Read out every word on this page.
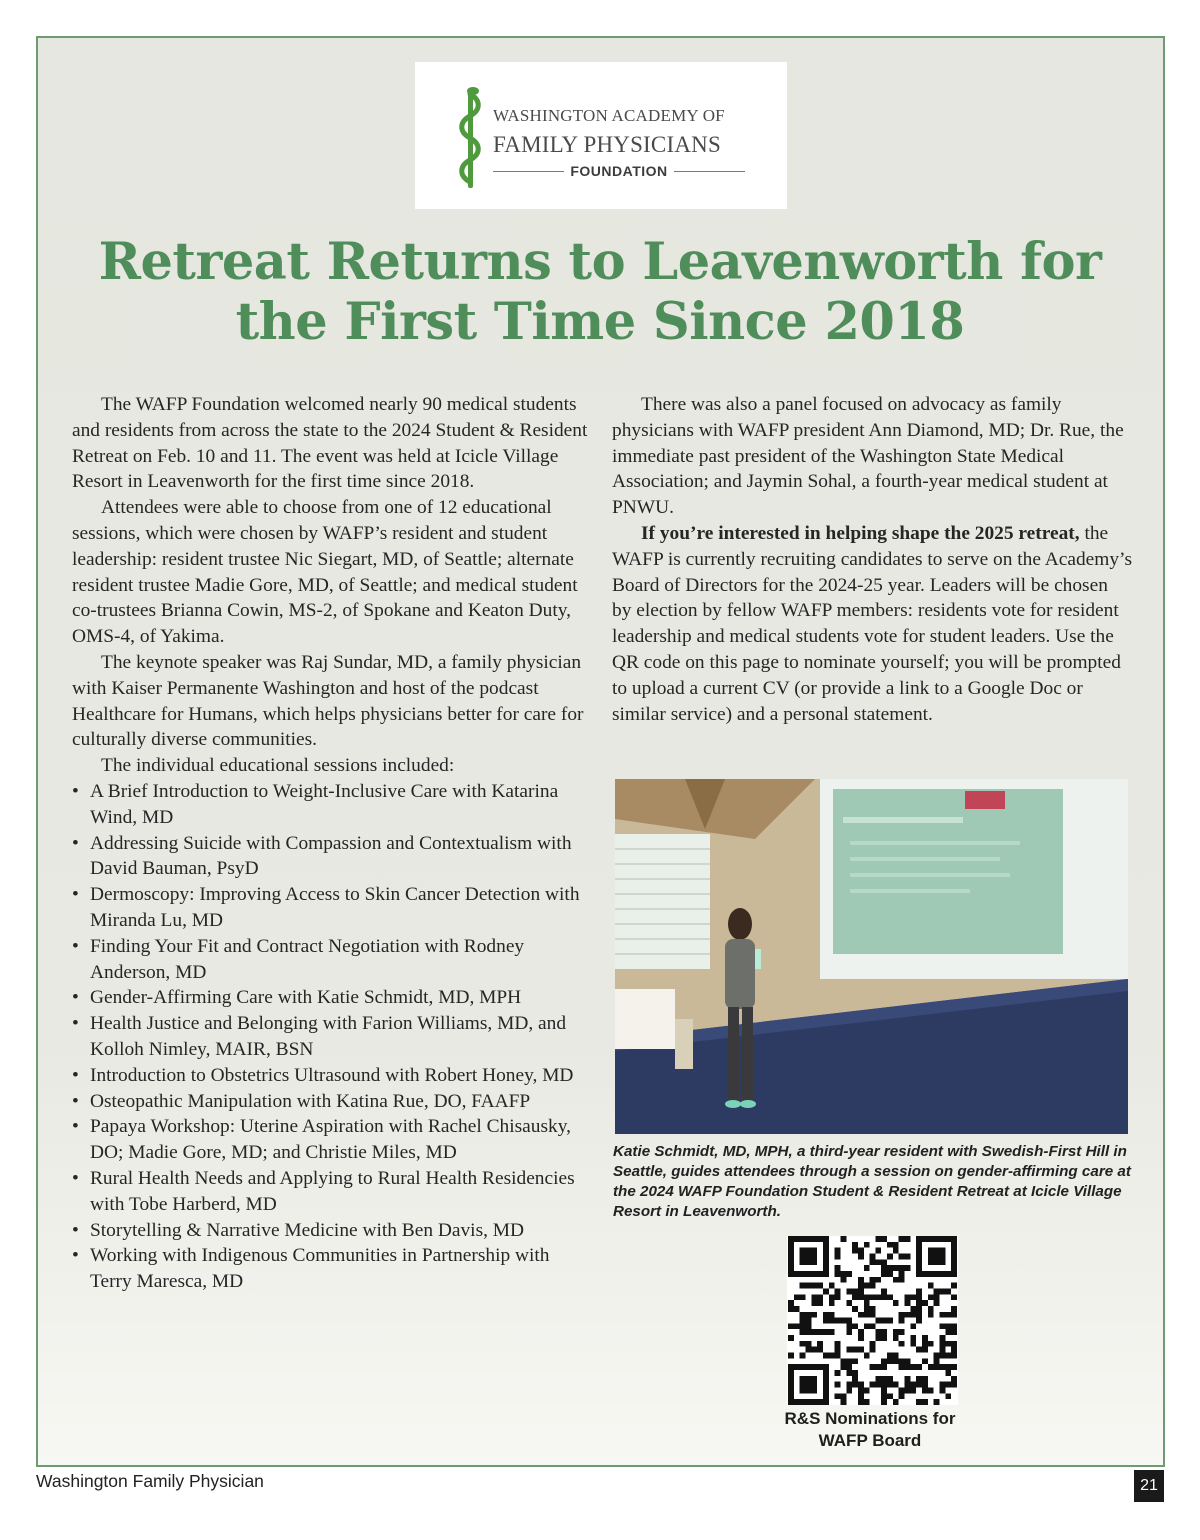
WASHINGTON ACADEMY OF
FAMILY PHYSICIANS
FOUNDATION
Retreat Returns to Leavenworth for
the First Time Since 2018

The WAFP Foundation welcomed nearly 90 medical students and residents from across the state to the 2024 Student & Resident Retreat on Feb. 10 and 11. The event was held at Icicle Village Resort in Leavenworth for the first time since 2018.

Attendees were able to choose from one of 12 educational sessions, which were chosen by WAFP’s resident and student leadership: resident trustee Nic Siegart, MD, of Seattle; alternate resident trustee Madie Gore, MD, of Seattle; and medical student co-trustees Brianna Cowin, MS-2, of Spokane and Keaton Duty, OMS-4, of Yakima.

The keynote speaker was Raj Sundar, MD, a family physician with Kaiser Permanente Washington and host of the podcast Healthcare for Humans, which helps physicians better for care for culturally diverse communities.

The individual educational sessions included:

• A Brief Introduction to Weight-Inclusive Care with Katarina Wind, MD
• Addressing Suicide with Compassion and Contextualism with David Bauman, PsyD
• Dermoscopy: Improving Access to Skin Cancer Detection with Miranda Lu, MD
• Finding Your Fit and Contract Negotiation with Rodney Anderson, MD
• Gender-Affirming Care with Katie Schmidt, MD, MPH
• Health Justice and Belonging with Farion Williams, MD, and Kolloh Nimley, MAIR, BSN
• Introduction to Obstetrics Ultrasound with Robert Honey, MD
• Osteopathic Manipulation with Katina Rue, DO, FAAFP
• Papaya Workshop: Uterine Aspiration with Rachel Chisausky, DO; Madie Gore, MD; and Christie Miles, MD
• Rural Health Needs and Applying to Rural Health Residencies with Tobe Harberd, MD
• Storytelling & Narrative Medicine with Ben Davis, MD
• Working with Indigenous Communities in Partnership with Terry Maresca, MD

There was also a panel focused on advocacy as family physicians with WAFP president Ann Diamond, MD; Dr. Rue, the immediate past president of the Washington State Medical Association; and Jaymin Sohal, a fourth-year medical student at PNWU.

If you’re interested in helping shape the 2025 retreat, the WAFP is currently recruiting candidates to serve on the Academy’s Board of Directors for the 2024-25 year. Leaders will be chosen by election by fellow WAFP members: residents vote for resident leadership and medical students vote for student leaders. Use the QR code on this page to nominate yourself; you will be prompted to upload a current CV (or provide a link to a Google Doc or similar service) and a personal statement.

Katie Schmidt, MD, MPH, a third-year resident with Swedish-First Hill in Seattle, guides attendees through a session on gender-affirming care at the 2024 WAFP Foundation Student & Resident Retreat at Icicle Village Resort in Leavenworth.
R&S Nominations for
WAFP Board
Washington Family Physician	21
